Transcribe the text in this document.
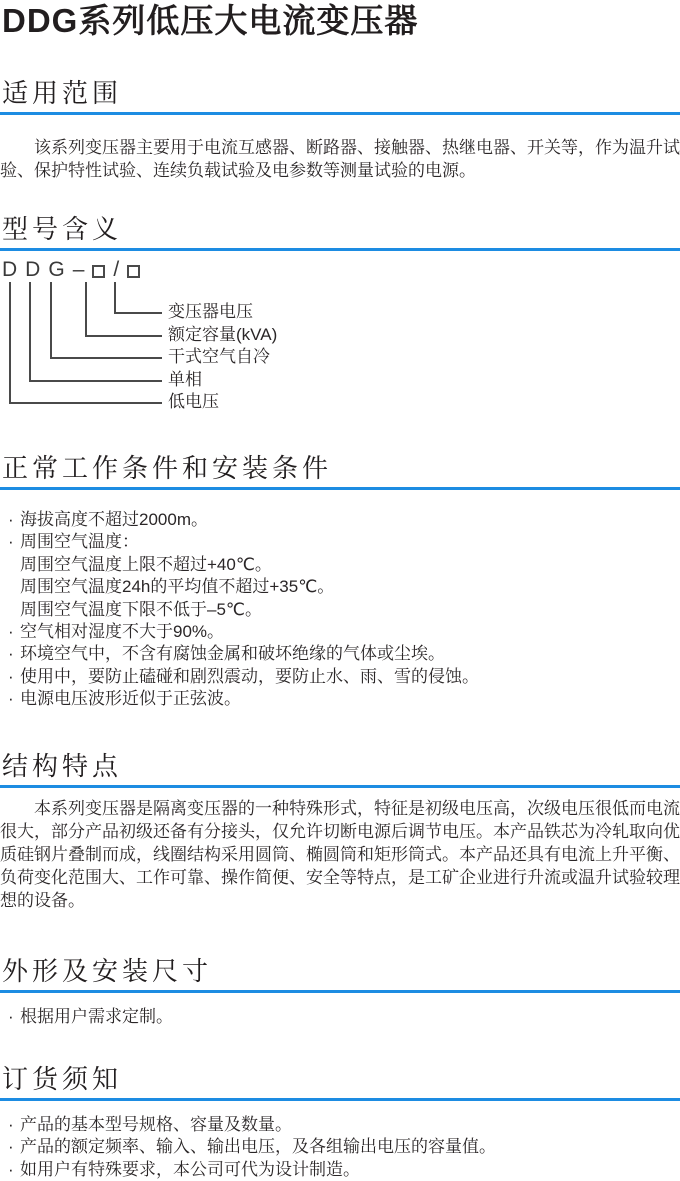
DDG系列低压大电流变压器
适用范围
该系列变压器主要用于电流互感器、断路器、接触器、热继电器、开关等，作为温升试验、保护特性试验、连续负载试验及电参数等测量试验的电源。
型号含义
D D G – /
变压器电压
额定容量(kVA)
干式空气自冷
单相
低电压
正常工作条件和安装条件
· 海拔高度不超过2000m。
· 周围空气温度：
周围空气温度上限不超过+40℃。
周围空气温度24h的平均值不超过+35℃。
周围空气温度下限不低于–5℃。
· 空气相对湿度不大于90%。
· 环境空气中，不含有腐蚀金属和破坏绝缘的气体或尘埃。
· 使用中，要防止磕碰和剧烈震动，要防止水、雨、雪的侵蚀。
· 电源电压波形近似于正弦波。
结构特点
本系列变压器是隔离变压器的一种特殊形式，特征是初级电压高，次级电压很低而电流很大，部分产品初级还备有分接头，仅允许切断电源后调节电压。本产品铁芯为冷轧取向优质硅钢片叠制而成，线圈结构采用圆筒、椭圆筒和矩形筒式。本产品还具有电流上升平衡、负荷变化范围大、工作可靠、操作简便、安全等特点，是工矿企业进行升流或温升试验较理想的设备。
外形及安装尺寸
· 根据用户需求定制。
订货须知
· 产品的基本型号规格、容量及数量。
· 产品的额定频率、输入、输出电压，及各组输出电压的容量值。
· 如用户有特殊要求，本公司可代为设计制造。
